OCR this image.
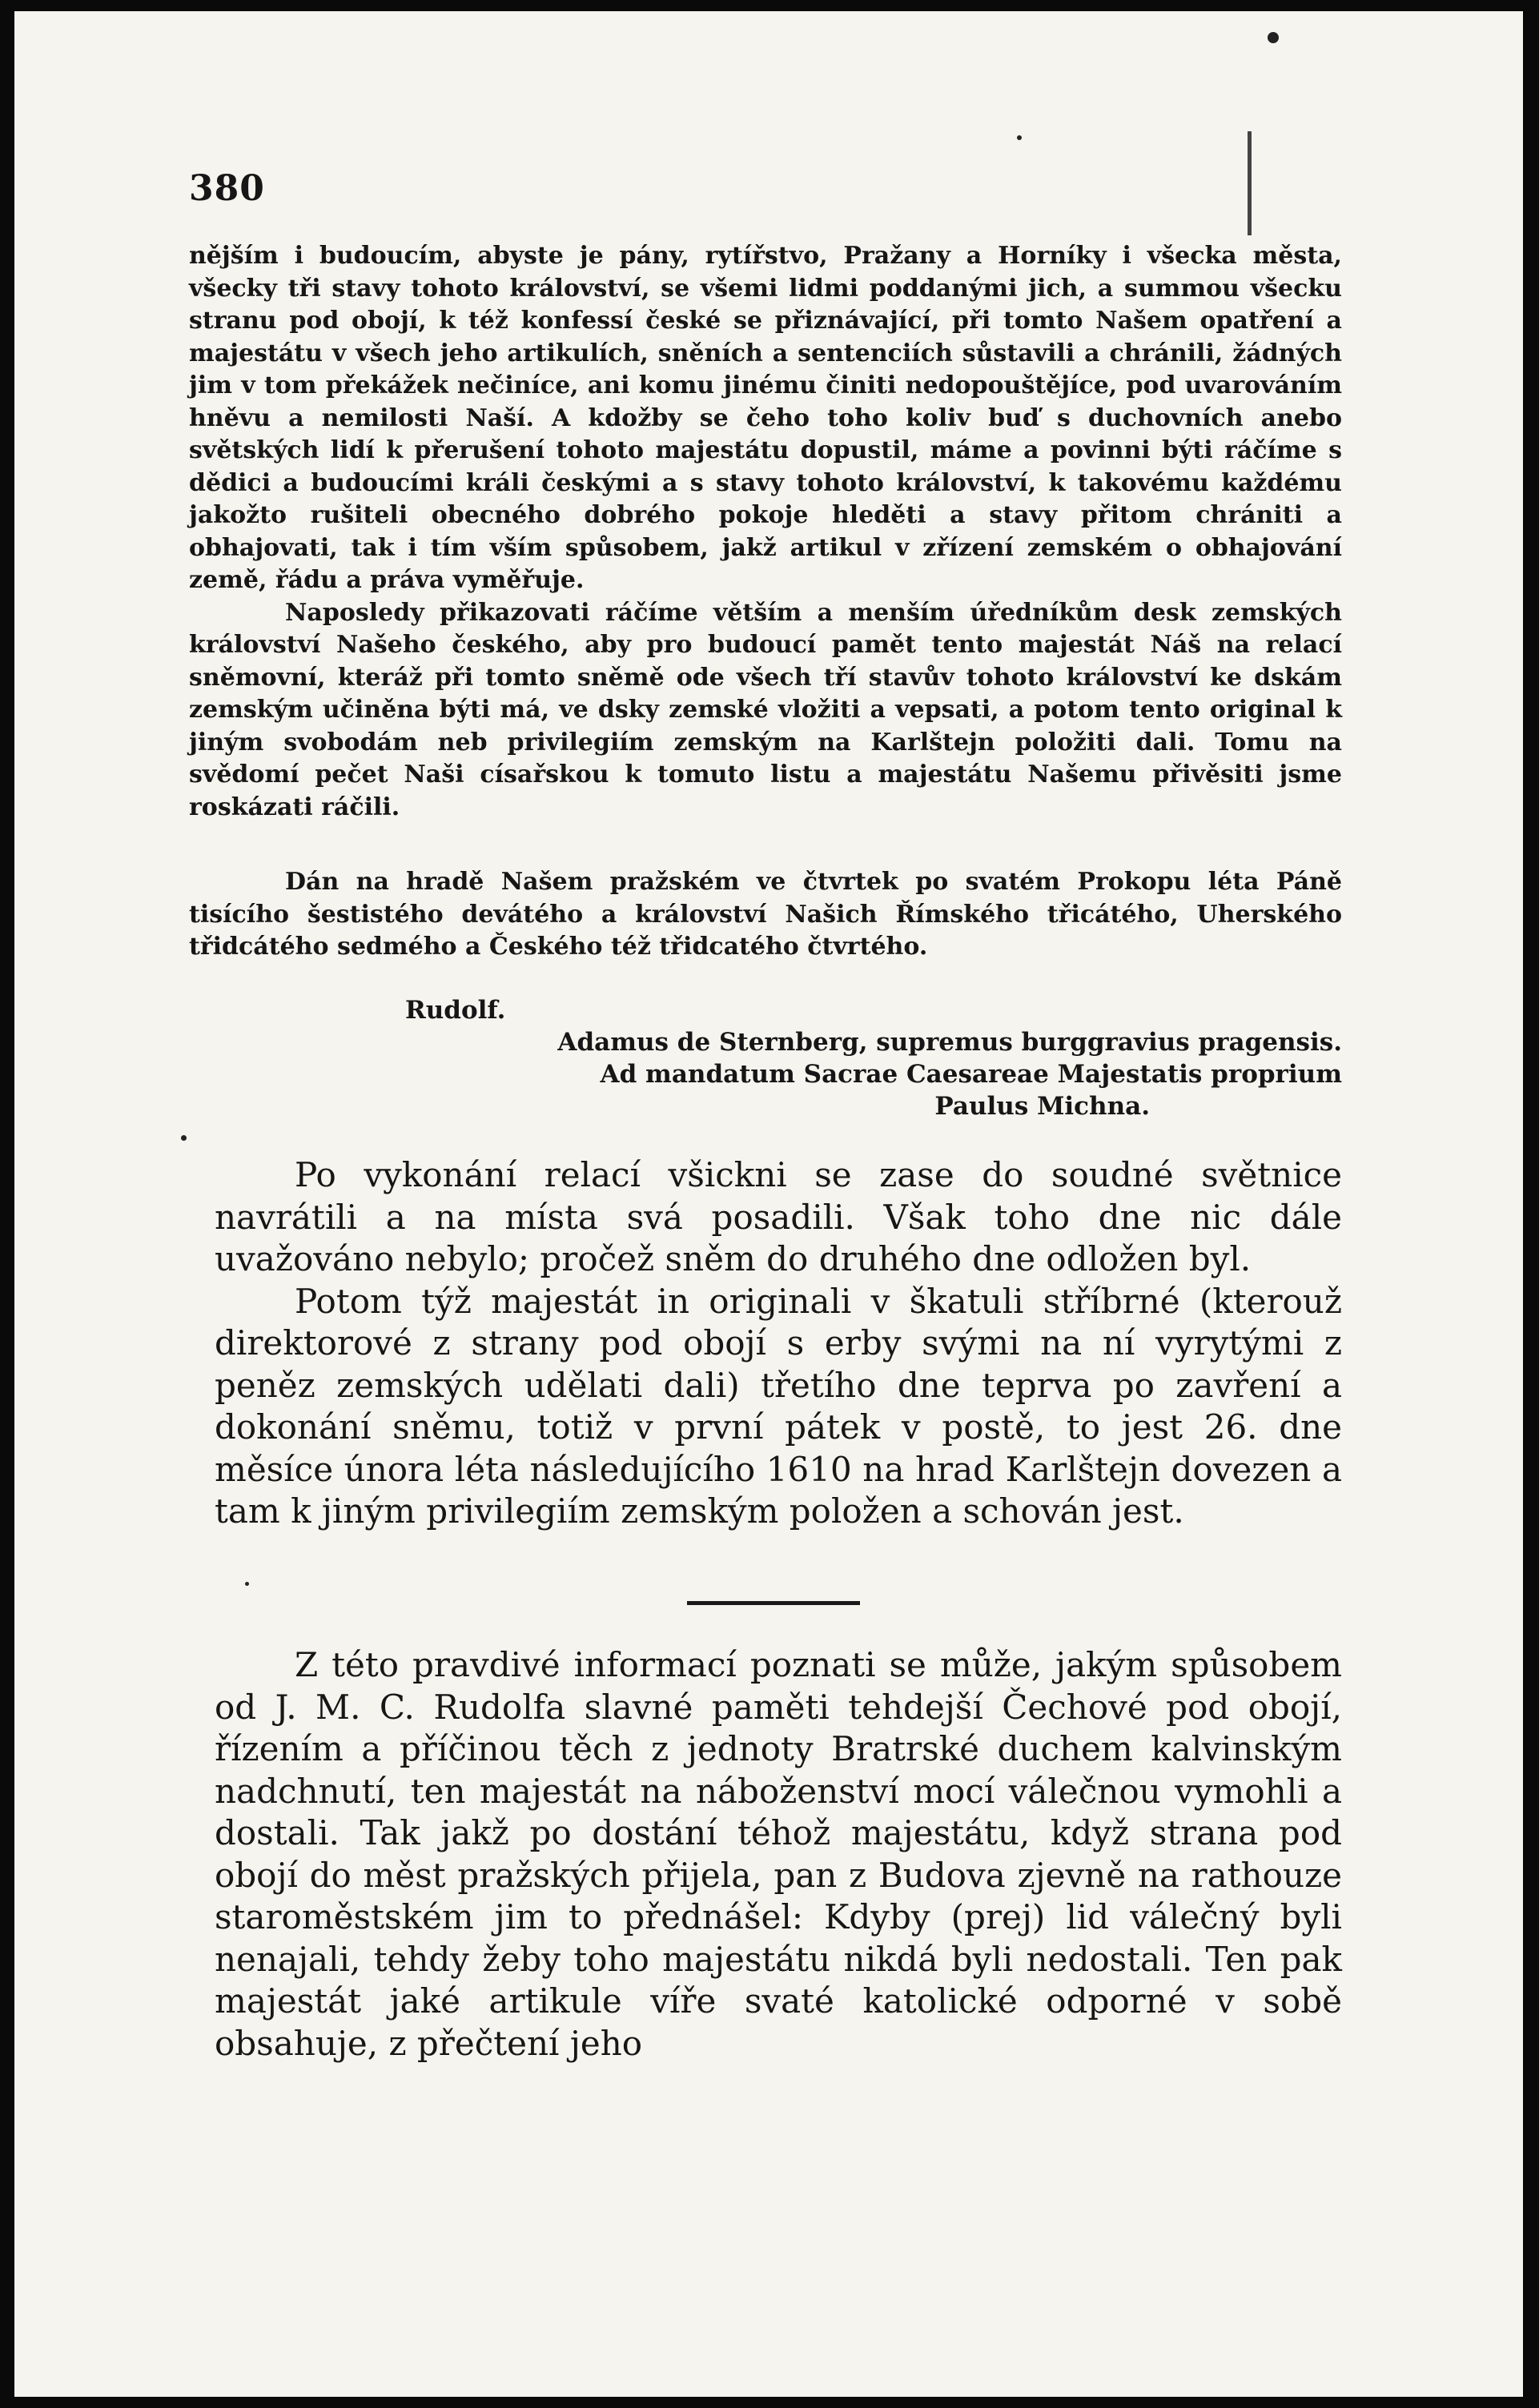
380

nějším i budoucím, abyste je pány, rytířstvo, Pražany a Horníky i všecka města, všecky tři stavy tohoto království, se všemi lidmi poddanými jich, a summou všecku stranu pod obojí, k též konfessí české se přiznávající, při tomto Našem opatření a majestátu v všech jeho artikulích, sněních a sentenciích sůstavili a chránili, žádných jim v tom překážek nečiníce, ani komu jinému činiti nedopouštějíce, pod uvarováním hněvu a nemilosti Naší. A kdožby se čeho toho koliv buď s duchovních anebo světských lidí k přerušení tohoto majestátu dopustil, máme a povinni býti ráčíme s dědici a budoucími králi českými a s stavy tohoto království, k takovému každému jakožto rušiteli obecného dobrého pokoje hleděti a stavy přitom chrániti a obhajovati, tak i tím vším spůsobem, jakž artikul v zřízení zemském o obhajování země, řádu a práva vyměřuje.

Naposledy přikazovati ráčíme větším a menším úředníkům desk zemských království Našeho českého, aby pro budoucí pamět tento majestát Náš na relací sněmovní, kteráž při tomto sněmě ode všech tří stavův tohoto království ke dskám zemským učiněna býti má, ve dsky zemské vložiti a vepsati, a potom tento original k jiným svobodám neb privilegiím zemským na Karlštejn položiti dali. Tomu na svědomí pečet Naši císařskou k tomuto listu a majestátu Našemu přivěsiti jsme roskázati ráčili.

Dán na hradě Našem pražském ve čtvrtek po svatém Prokopu léta Páně tisícího šestistého devátého a království Našich Římského třicátého, Uherského třidcátého sedmého a Českého též třidcatého čtvrtého.

Rudolf.
Adamus de Sternberg, supremus burggravius pragensis.
Ad mandatum Sacrae Caesareae Majestatis proprium
Paulus Michna.

Po vykonání relací všickni se zase do soudné světnice navrátili a na místa svá posadili. Však toho dne nic dále uvažováno nebylo; pročež sněm do druhého dne odložen byl.

Potom týž majestát in originali v škatuli stříbrné (kterouž direktorové z strany pod obojí s erby svými na ní vyrytými z peněz zemských udělati dali) třetího dne teprva po zavření a dokonání sněmu, totiž v první pátek v postě, to jest 26. dne měsíce února léta následujícího 1610 na hrad Karlštejn dovezen a tam k jiným privilegiím zemským položen a schován jest.

Z této pravdivé informací poznati se může, jakým spůsobem od J. M. C. Rudolfa slavné paměti tehdejší Čechové pod obojí, řízením a příčinou těch z jednoty Bratrské duchem kalvinským nadchnutí, ten majestát na náboženství mocí válečnou vymohli a dostali. Tak jakž po dostání téhož majestátu, když strana pod obojí do měst pražských přijela, pan z Budova zjevně na rathouze staroměstském jim to přednášel: Kdyby (prej) lid válečný byli nenajali, tehdy žeby toho majestátu nikdá byli nedostali. Ten pak majestát jaké artikule víře svaté katolické odporné v sobě obsahuje, z přečtení jeho
